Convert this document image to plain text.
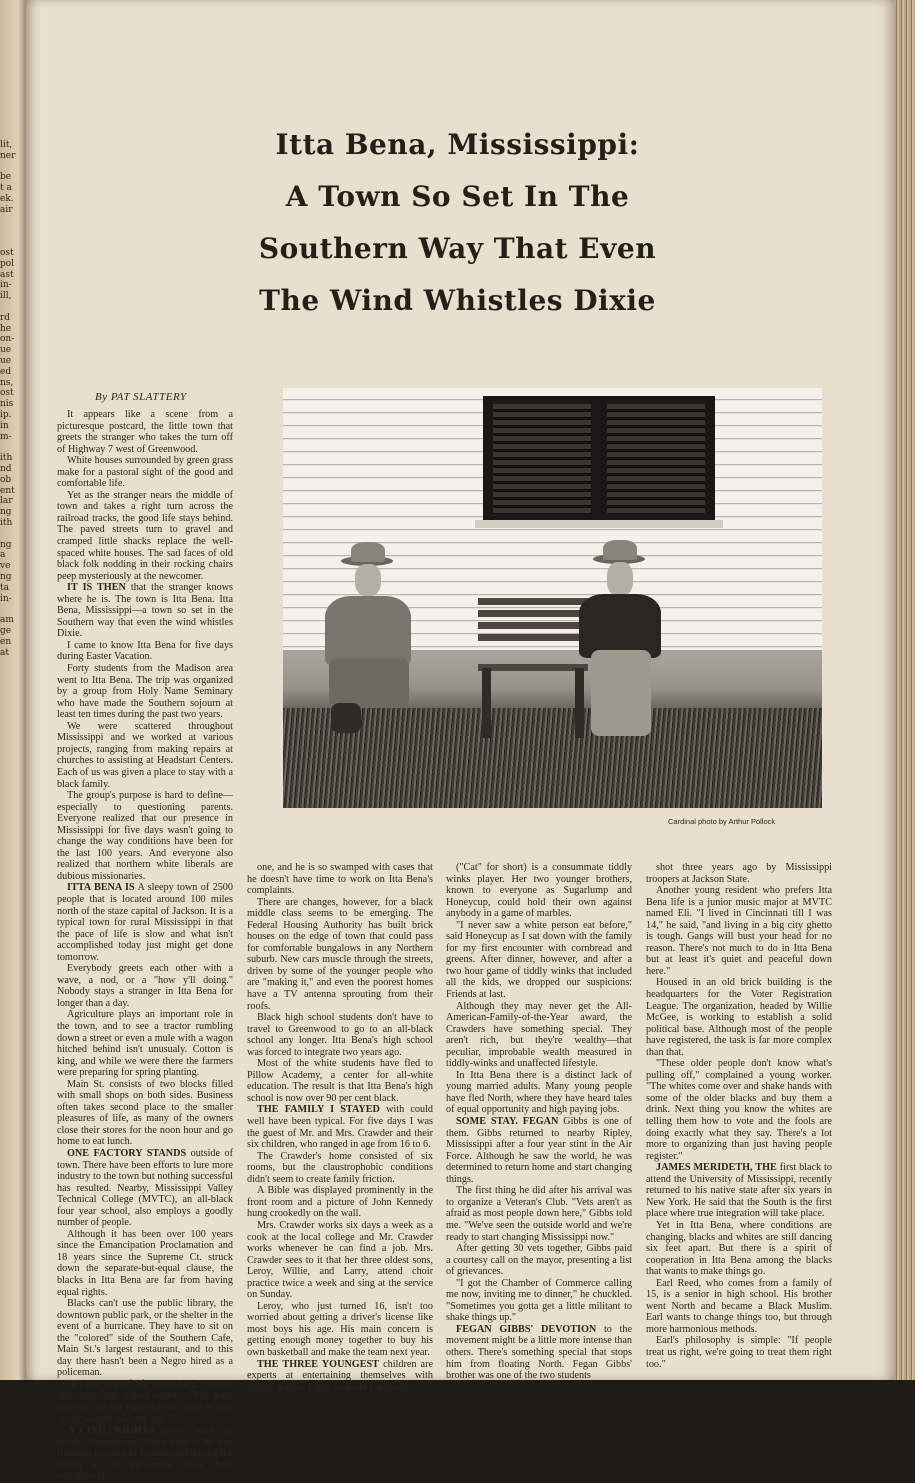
lit,
ner
be
t a
ek.
air
ost
pol
ast
in-
ill,
rd
he
on-
ue
ue
ed
ns,
ost
nis
ip.
in
m-
ith
nd
ob
ent
lar
ng
ith
ng
a
ve
ng
ta
in-
am
ge
en
at
Itta Bena, Mississippi:
A Town So Set In The
Southern Way That Even
The Wind Whistles Dixie
By PAT SLATTERY
Cardinal photo by Arthur Pollock

It appears like a scene from a picturesque postcard, the little town that greets the stranger who takes the turn off of Highway 7 west of Greenwood.

White houses surrounded by green grass make for a pastoral sight of the good and comfortable life.

Yet as the stranger nears the middle of town and takes a right turn across the railroad tracks, the good life stays behind. The paved streets turn to gravel and cramped little shacks replace the well-spaced white houses. The sad faces of old black folk nodding in their rocking chairs peep mysteriously at the newcomer.

IT IS THEN that the stranger knows where he is. The town is Itta Bena. Itta Bena, Mississippi—a town so set in the Southern way that even the wind whistles Dixie.

I came to know Itta Bena for five days during Easter Vacation.

Forty students from the Madison area went to Itta Bena. The trip was organized by a group from Holy Name Seminary who have made the Southern sojourn at least ten times during the past two years.

We were scattered throughout Mississippi and we worked at various projects, ranging from making repairs at churches to assisting at Headstart Centers. Each of us was given a place to stay with a black family.

The group's purpose is hard to define—especially to questioning parents. Everyone realized that our presence in Mississippi for five days wasn't going to change the way conditions have been for the last 100 years. And everyone also realized that northern white liberals are dubious missionaries.

ITTA BENA IS A sleepy town of 2500 people that is located around 100 miles north of the staze capital of Jackson. It is a typical town for rural Mississippi in that the pace of life is slow and what isn't accomplished today just might get done tomorrow.

Everybody greets each other with a wave, a nod, or a "how y'll doing." Nobody stays a stranger in Itta Bena for longer than a day.

Agriculture plays an important role in the town, and to see a tractor rumbling down a street or even a mule with a wagon hitched behind isn't unusualy. Cotton is king, and while we were there the farmers were preparing for spring planting.

Main St. consists of two blocks filled with small shops on both sides. Business often takes second place to the smaller pleasures of life, as many of the owners close their stores for the noon hour and go home to eat lunch.

ONE FACTORY STANDS outside of town. There have been efforts to lure more industry to the town but nothing successful has resulted. Nearby, Mississippi Valley Technical College (MVTC), an all-black four year school, also employs a goodly number of people.

Although it has been over 100 years since the Emancipation Proclamation and 18 years since the Supreme Ct. struck down the separate-but-equal clause, the blacks in Itta Bena are far from having equal rights.

Blacks can't use the public library, the downtown public park, or the shelter in the event of a hurricane. They have to sit on the "colored" side of the Southern Cafe, Main St.'s largest restaurant, and to this day there hasn't been a Negro hired as a policeman.

"It's the way of life down here," voiced one black high school student. "You gotta learn to live the right way in order to stay out of trouble with the law."

A CIVIL RIGHTS lawyer works in nearby Greenwood. There used to be five freedom lawyers in Greenwood during the height of the movement. Now there remains only

one, and he is so swamped with cases that he doesn't have time to work on Itta Bena's complaints.

There are changes, however, for a black middle class seems to be emerging. The Federal Housing Authority has built brick houses on the edge of town that could pass for comfortable bungalows in any Northern suburb. New cars muscle through the streets, driven by some of the younger people who are "making it," and even the poorest homes have a TV antenna sprouting from their roofs.

Black high school students don't have to travel to Greenwood to go to an all-black school any longer. Itta Bena's high school was forced to integrate two years ago.

Most of the white students have fled to Pillow Academy, a center for all-white education. The result is that Itta Bena's high school is now over 90 per cent black.

THE FAMILY I STAYED with could well have been typical. For five days I was the guest of Mr. and Mrs. Crawder and their six children, who ranged in age from 16 to 6.

The Crawder's home consisted of six rooms, but the claustrophobic conditions didn't seem to create family friction.

A Bible was displayed prominently in the front room and a picture of John Kennedy hung crookedly on the wall.

Mrs. Crawder works six days a week as a cook at the local college and Mr. Crawder works whenever he can find a job. Mrs. Crawder sees to it that her three oldest sons, Leroy, Willie, and Larry, attend choir practice twice a week and sing at the service on Sunday.

Leroy, who just turned 16, isn't too worried about getting a driver's license like most boys his age. His main concern is getting enough money together to buy his own basketball and make the team next year.

THE THREE YOUNGEST children are experts at entertaining themselves with simple games. Eight-year-old Catherine

("Cat" for short) is a consummate tiddly winks player. Her two younger brothers, known to everyone as Sugarlump and Honeycup, could hold their own against anybody in a game of marbles.

"I never saw a white person eat before," said Honeycup as I sat down with the family for my first encounter with cornbread and greens. After dinner, however, and after a two hour game of tiddly winks that included all the kids, we dropped our suspicions: Friends at last.

Although they may never get the All-American-Family-of-the-Year award, the Crawders have something special. They aren't rich, but they're wealthy—that peculiar, improbable wealth measured in tiddly-winks and unaffected lifestyle.

In Itta Bena there is a distinct lack of young married adults. Many young people have fled North, where they have heard tales of equal opportunity and high paying jobs.

SOME STAY. FEGAN Gibbs is one of them. Gibbs returned to nearby Ripley, Mississippi after a four year stint in the Air Force. Although he saw the world, he was determined to return home and start changing things.

The first thing he did after his arrival was to organize a Veteran's Club. "Vets aren't as afraid as most people down here," Gibbs told me. "We've seen the outside world and we're ready to start changing Mississippi now."

After getting 30 vets together, Gibbs paid a courtesy call on the mayor, presenting a list of grievances.

"I got the Chamber of Commerce calling me now, inviting me to dinner," he chuckled. "Sometimes you gotta get a little militant to shake things up."

FEGAN GIBBS' DEVOTION to the movement might be a little more intense than others. There's something special that stops him from floating North. Fegan Gibbs' brother was one of the two students

shot three years ago by Mississippi troopers at Jackson State.

Another young resident who prefers Itta Bena life is a junior music major at MVTC named Eli. "I lived in Cincinnati till I was 14," he said, "and living in a big city ghetto is tough. Gangs will bust your head for no reason. There's not much to do in Itta Bena but at least it's quiet and peaceful down here."

Housed in an old brick building is the headquarters for the Voter Registration League. The organization, headed by Willie McGee, is working to establish a solid political base. Although most of the people have registered, the task is far more complex than that.

"These older people don't know what's pulling off," complained a young worker. "The whites come over and shake hands with some of the older blacks and buy them a drink. Next thing you know the whites are telling them how to vote and the fools are doing exactly what they say. There's a lot more to organizing than just having people register."

JAMES MERIDETH, THE first black to attend the University of Mississippi, recently returned to his native state after six years in New York. He said that the South is the first place where true integration will take place.

Yet in Itta Bena, where conditions are changing, blacks and whites are still dancing six feet apart. But there is a spirit of cooperation in Itta Bena among the blacks that wants to make things go.

Earl Reed, who comes from a family of 15, is a senior in high school. His brother went North and became a Black Muslim. Earl wants to change things too, but through more harmonious methods.

Earl's philosophy is simple: "If people treat us right, we're going to treat them right too."
